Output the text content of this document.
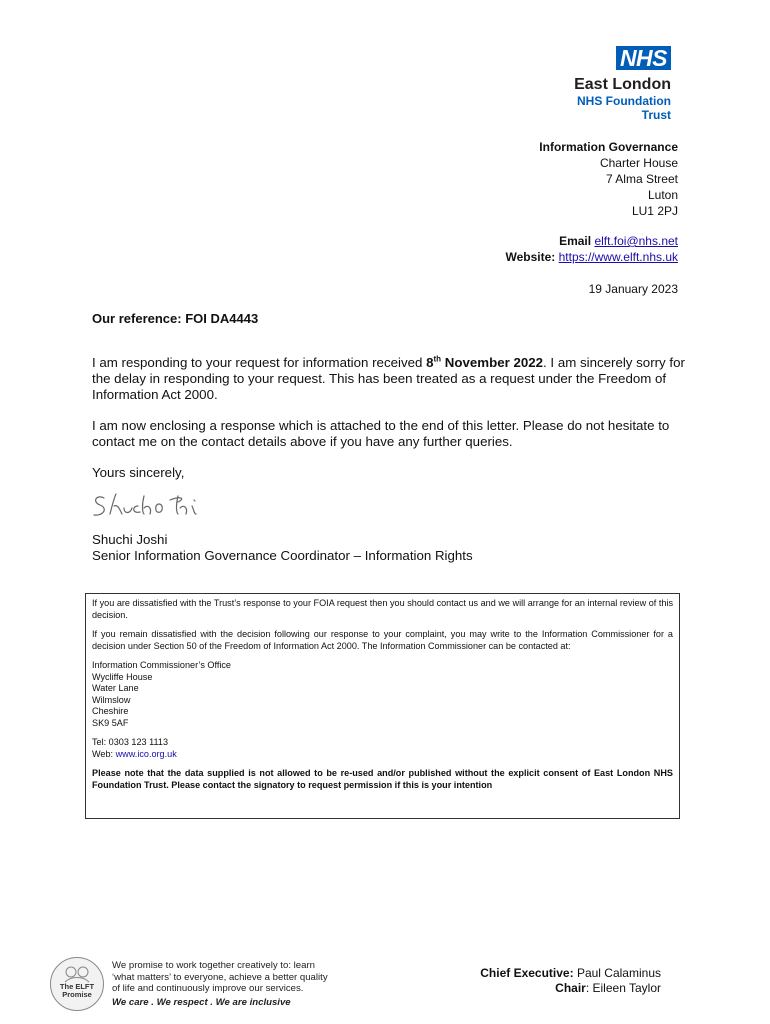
NHS
East London
NHS Foundation Trust
Information Governance
Charter House
7 Alma Street
Luton
LU1 2PJ
Email elft.foi@nhs.net
Website: https://www.elft.nhs.uk
19 January 2023
Our reference: FOI DA4443
I am responding to your request for information received 8th November 2022. I am sincerely sorry for the delay in responding to your request. This has been treated as a request under the Freedom of Information Act 2000.
I am now enclosing a response which is attached to the end of this letter. Please do not hesitate to contact me on the contact details above if you have any further queries.
Yours sincerely,
Shuchi Joshi
Senior Information Governance Coordinator – Information Rights

If you are dissatisfied with the Trust’s response to your FOIA request then you should contact us and we will arrange for an internal review of this decision.

If you remain dissatisfied with the decision following our response to your complaint, you may write to the Information Commissioner for a decision under Section 50 of the Freedom of Information Act 2000. The Information Commissioner can be contacted at:

Information Commissioner’s Office
Wycliffe House
Water Lane
Wilmslow
Cheshire
SK9 5AF

Tel: 0303 123 1113
Web: www.ico.org.uk

Please note that the data supplied is not allowed to be re-used and/or published without the explicit consent of East London NHS Foundation Trust. Please contact the signatory to request permission if this is your intention

The ELFT
Promise
We promise to work together creatively to: learn
‘what matters’ to everyone, achieve a better quality
of life and continuously improve our services.
We care . We respect . We are inclusive
Chief Executive: Paul Calaminus
Chair: Eileen Taylor
